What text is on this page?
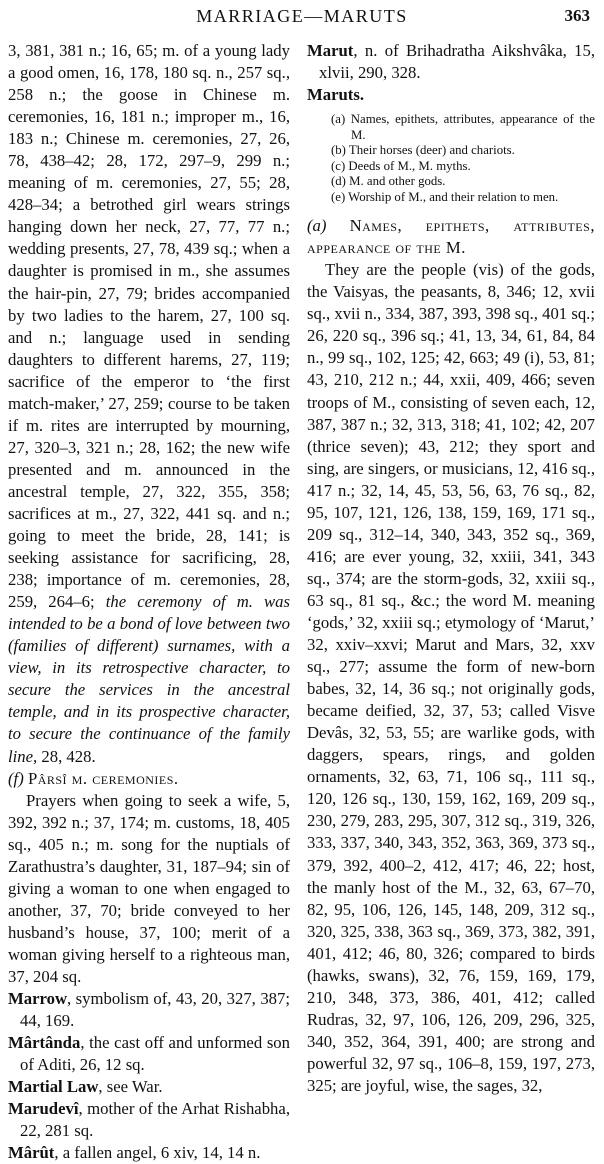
MARRIAGE—MARUTS	363

3, 381, 381 n.; 16, 65; m. of a young lady a good omen, 16, 178, 180 sq. n., 257 sq., 258 n.; the goose in Chinese m. ceremonies, 16, 181 n.; improper m., 16, 183 n.; Chinese m. ceremonies, 27, 26, 78, 438–42; 28, 172, 297–9, 299 n.; meaning of m. ceremonies, 27, 55; 28, 428–34; a betrothed girl wears strings hanging down her neck, 27, 77, 77 n.; wedding presents, 27, 78, 439 sq.; when a daughter is promised in m., she assumes the hair-pin, 27, 79; brides accompanied by two ladies to the harem, 27, 100 sq. and n.; language used in sending daughters to different harems, 27, 119; sacrifice of the emperor to ‘the first match-maker,’ 27, 259; course to be taken if m. rites are interrupted by mourning, 27, 320–3, 321 n.; 28, 162; the new wife presented and m. announced in the ancestral temple, 27, 322, 355, 358; sacrifices at m., 27, 322, 441 sq. and n.; going to meet the bride, 28, 141; is seeking assistance for sacrificing, 28, 238; importance of m. ceremonies, 28, 259, 264–6; the ceremony of m. was intended to be a bond of love between two (families of different) surnames, with a view, in its retrospective character, to secure the services in the ancestral temple, and in its prospective character, to secure the continuance of the family line, 28, 428.

(f) Pârsî m. ceremonies.

Prayers when going to seek a wife, 5, 392, 392 n.; 37, 174; m. customs, 18, 405 sq., 405 n.; m. song for the nuptials of Zarathustra’s daughter, 31, 187–94; sin of giving a woman to one when engaged to another, 37, 70; bride conveyed to her husband’s house, 37, 100; merit of a woman giving herself to a righteous man, 37, 204 sq.

Marrow, symbolism of, 43, 20, 327, 387; 44, 169.

Mârtânda, the cast off and unformed son of Aditi, 26, 12 sq.

Martial Law, see War.

Marudevî, mother of the Arhat Rishabha, 22, 281 sq.

Mârût, a fallen angel, 6 xiv, 14, 14 n.

Marut, n. of Brihadratha Aikshvâka, 15, xlvii, 290, 328.

Maruts.

(a) Names, epithets, attributes, appearance of the M.
(b) Their horses (deer) and chariots.
(c) Deeds of M., M. myths.
(d) M. and other gods.
(e) Worship of M., and their relation to men.

(a) Names, epithets, attributes, appearance of the M.

They are the people (vis) of the gods, the Vaisyas, the peasants, 8, 346; 12, xvii sq., xvii n., 334, 387, 393, 398 sq., 401 sq.; 26, 220 sq., 396 sq.; 41, 13, 34, 61, 84, 84 n., 99 sq., 102, 125; 42, 663; 49 (i), 53, 81; 43, 210, 212 n.; 44, xxii, 409, 466; seven troops of M., consisting of seven each, 12, 387, 387 n.; 32, 313, 318; 41, 102; 42, 207 (thrice seven); 43, 212; they sport and sing, are singers, or musicians, 12, 416 sq., 417 n.; 32, 14, 45, 53, 56, 63, 76 sq., 82, 95, 107, 121, 126, 138, 159, 169, 171 sq., 209 sq., 312–14, 340, 343, 352 sq., 369, 416; are ever young, 32, xxiii, 341, 343 sq., 374; are the storm-gods, 32, xxiii sq., 63 sq., 81 sq., &c.; the word M. meaning ‘gods,’ 32, xxiii sq.; etymology of ‘Marut,’ 32, xxiv–xxvi; Marut and Mars, 32, xxv sq., 277; assume the form of new-born babes, 32, 14, 36 sq.; not originally gods, became deified, 32, 37, 53; called Visve Devâs, 32, 53, 55; are warlike gods, with daggers, spears, rings, and golden ornaments, 32, 63, 71, 106 sq., 111 sq., 120, 126 sq., 130, 159, 162, 169, 209 sq., 230, 279, 283, 295, 307, 312 sq., 319, 326, 333, 337, 340, 343, 352, 363, 369, 373 sq., 379, 392, 400–2, 412, 417; 46, 22; host, the manly host of the M., 32, 63, 67–70, 82, 95, 106, 126, 145, 148, 209, 312 sq., 320, 325, 338, 363 sq., 369, 373, 382, 391, 401, 412; 46, 80, 326; compared to birds (hawks, swans), 32, 76, 159, 169, 179, 210, 348, 373, 386, 401, 412; called Rudras, 32, 97, 106, 126, 209, 296, 325, 340, 352, 364, 391, 400; are strong and powerful 32, 97 sq., 106–8, 159, 197, 273, 325; are joyful, wise, the sages, 32,
